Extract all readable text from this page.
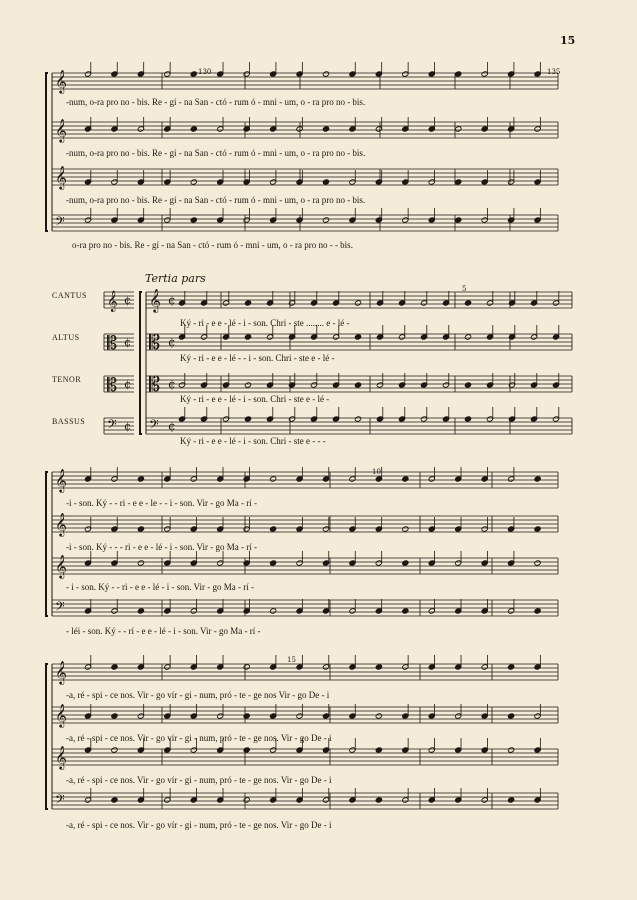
𝄞
𝄞
𝄞
𝄢
𝄞 ¢
𝄡 ¢
𝄡 ¢
𝄢 ¢
𝄞
𝄞
𝄞
𝄢
𝄞
𝄞
𝄞
𝄢
𝄞 ¢
𝄡 ¢
𝄡 ¢
𝄢 ¢
15
Tertia pars
CANTUS
ALTUS
TENOR
BASSUS
130	135
5
10
15
-num, o-ra pro no - bis. Re - gí - na San - ctó - rum ó - mni - um, o - ra pro no - bis.
-num, o-ra pro no - bis. Re - gí - na San - ctó - rum ó - mni - um, o - ra pro no - bis.
-num, o-ra pro no - bis. Re - gí - na San - ctó - rum ó - mni - um, o - ra pro no - bis.
o-ra pro no - bis. Re - gí - na San - ctó - rum ó - mni - um, o - ra pro no - - bis.
Ký - ri - e e - lé - i - son. Chri - ste ........ e - lé -
Ký - ri - e e - lé - - i - son. Chri - ste e - lé -
Ký - ri - e e - lé - i - son. Chri - ste e - lé -
Ký - ri - e e - lé - i - son. Chri - ste e - - -
-i - son. Ký - - ri - e e - le - - i - son. Vir - go Ma - rí -
-i - son. Ký - - - ri - e e - lé - i - son. Vir - go Ma - rí -
- i - son. Ký - - ri - e e - lé - i - son. Vir - go Ma - rí -
- léi - son. Ký - - rí - e e - lé - i - son. Vir - go Ma - rí -
-a, ré - spi - ce nos. Vir - go vír - gi - num, pró - te - ge nos Vir - go De - i
-a, ré - spi - ce nos. Vir - go vír - gi - num, pró - te - ge nos. Vir - go De - i
-a, ré - spi - ce nos. Vir - go vír - gi - num, pró - te - ge nos. Vir - go De - i
-a, ré - spi - ce nos. Vir - go vír - gi - num, pró - te - ge nos. Vir - go De - i
